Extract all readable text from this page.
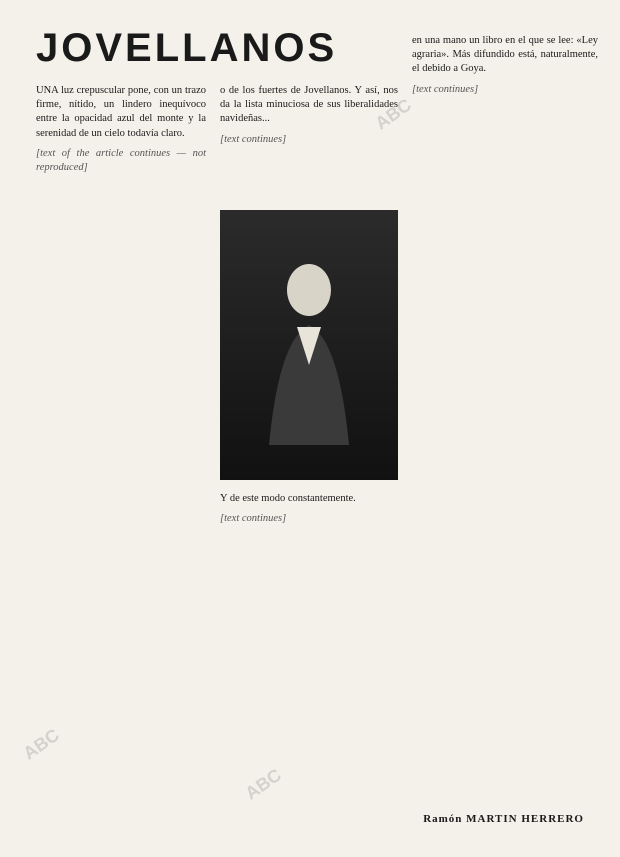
JOVELLANOS

UNA luz crepuscular pone, con un trazo firme, nítido, un lindero inequívoco entre la opacidad azul del monte y la serenidad de un cielo todavía claro.

[text of the article continues — not reproduced]

o de los fuertes de Jovellanos. Y así, nos da la lista minuciosa de sus liberalidades navideñas...

[text continues]

Y de este modo constantemente.

[text continues]

en una mano un libro en el que se lee: «Ley agraria». Más difundido está, naturalmente, el debido a Goya.

[text continues]

Ramón MARTIN HERRERO
ABC
ABC
ABC
